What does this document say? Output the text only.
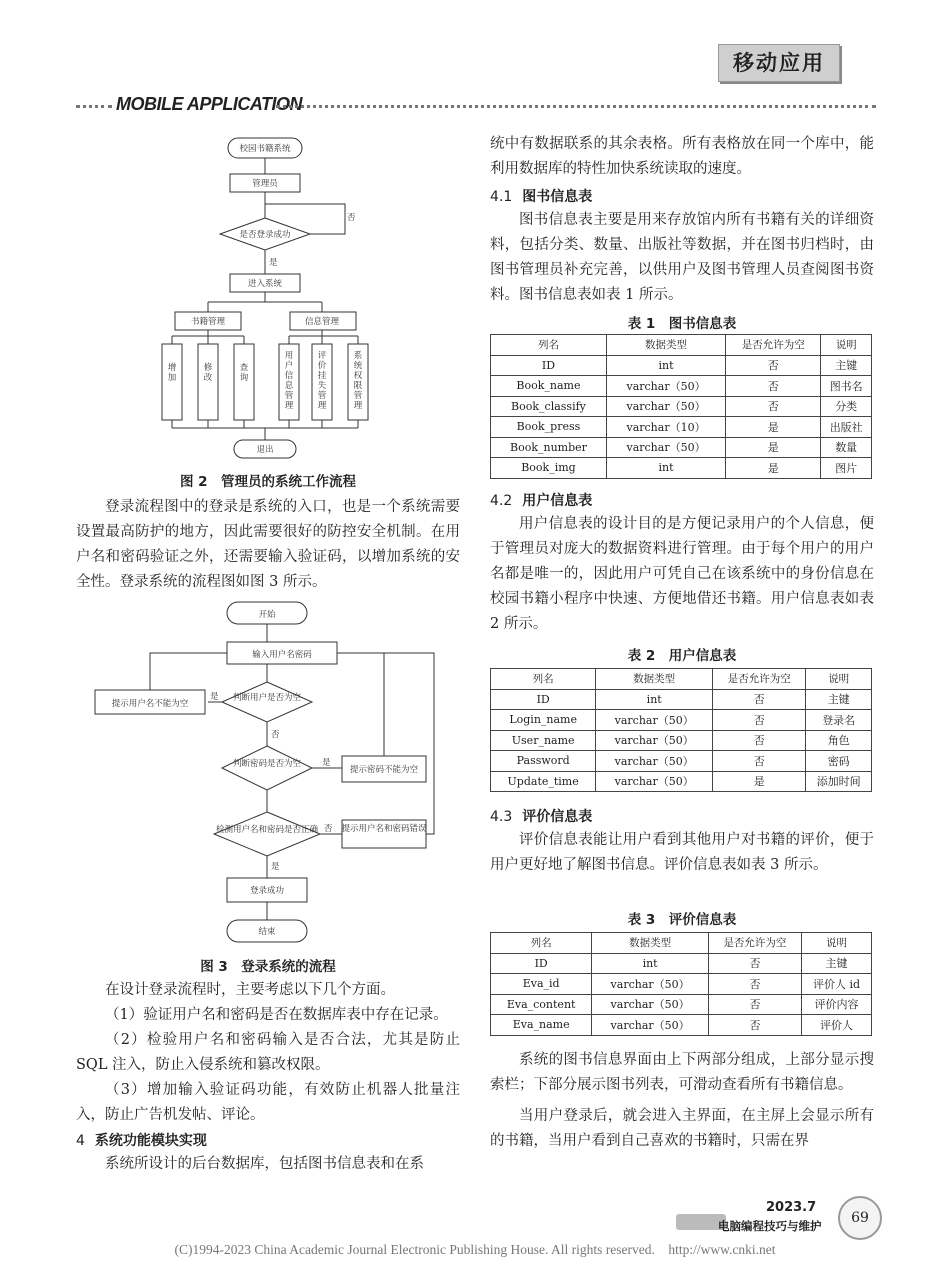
移动应用
MOBILE APPLICATION
校园书籍系统
管理员
是否登录成功
否
是
进入系统
书籍管理	信息管理
增加
修改
查询
用户信息管理
评价挂失管理
系统权限管理
退出
图 2　管理员的系统工作流程

登录流程图中的登录是系统的入口，也是一个系统需要设置最高防护的地方，因此需要很好的防控安全机制。在用户名和密码验证之外，还需要输入验证码，以增加系统的安全性。登录系统的流程图如图 3 所示。

开始
输入用户名密码
判断用户是否为空
提示用户名不能为空
是
否
判断密码是否为空
提示密码不能为空
是
检测用户名和密码是否正确	提示用户名和密码错误
否
是
登录成功
结束
图 3　登录系统的流程

在设计登录流程时，主要考虑以下几个方面。

（1）验证用户名和密码是否在数据库表中存在记录。

（2）检验用户名和密码输入是否合法，尤其是防止 SQL 注入，防止入侵系统和篡改权限。

（3）增加输入验证码功能，有效防止机器人批量注入，防止广告机发帖、评论。

4 系统功能模块实现

系统所设计的后台数据库，包括图书信息表和在系

统中有数据联系的其余表格。所有表格放在同一个库中，能利用数据库的特性加快系统读取的速度。

4.1 图书信息表

图书信息表主要是用来存放馆内所有书籍有关的详细资料，包括分类、数量、出版社等数据，并在图书归档时，由图书管理员补充完善，以供用户及图书管理人员查阅图书资料。图书信息表如表 1 所示。

表 1　图书信息表
列名	数据类型	是否允许为空	说明
ID	int	否	主键
Book_name	varchar（50）	否	图书名
Book_classify	varchar（50）	否	分类
Book_press	varchar（10）	是	出版社
Book_number	varchar（50）	是	数量
Book_img	int	是	图片
4.2 用户信息表

用户信息表的设计目的是方便记录用户的个人信息，便于管理员对庞大的数据资料进行管理。由于每个用户的用户名都是唯一的，因此用户可凭自己在该系统中的身份信息在校园书籍小程序中快速、方便地借还书籍。用户信息表如表 2 所示。

表 2　用户信息表
列名	数据类型	是否允许为空	说明
ID	int	否	主键
Login_name	varchar（50）	否	登录名
User_name	varchar（50）	否	角色
Password	varchar（50）	否	密码
Update_time	varchar（50）	是	添加时间
4.3 评价信息表

评价信息表能让用户看到其他用户对书籍的评价，便于用户更好地了解图书信息。评价信息表如表 3 所示。

表 3　评价信息表
列名	数据类型	是否允许为空	说明
ID	int	否	主键
Eva_id	varchar（50）	否	评价人 id
Eva_content	varchar（50）	否	评价内容
Eva_name	varchar（50）	否	评价人

系统的图书信息界面由上下两部分组成，上部分显示搜索栏；下部分展示图书列表，可滑动查看所有书籍信息。

当用户登录后，就会进入主界面，在主屏上会显示所有的书籍，当用户看到自己喜欢的书籍时，只需在界

2023.7
电脑编程技巧与维护	69
(C)1994-2023 China Academic Journal Electronic Publishing House. All rights reserved.　http://www.cnki.net
